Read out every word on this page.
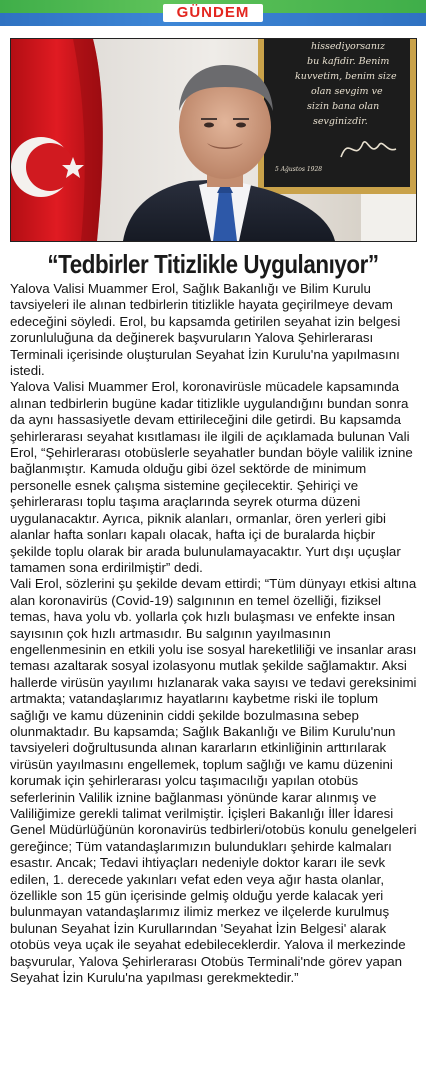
GÜNDEM
hissediyorsanız
bu kafidir. Benim
kuvvetim, benim size
olan sevgim ve
sizin bana olan
sevginizdir.
5 Ağustos 1928
“Tedbirler Titizlikle Uygulanıyor”

Yalova Valisi Muammer Erol, Sağlık Bakanlığı ve Bilim Kurulu tavsiyeleri ile alınan tedbirlerin titizlikle hayata geçirilmeye devam edeceğini söyledi. Erol, bu kapsamda getirilen seyahat izin belgesi zorunluluğuna da değinerek başvuruların Yalova Şehirlerarası Terminali içerisinde oluşturulan Seyahat İzin Kurulu'na yapılmasını istedi.

Yalova Valisi Muammer Erol, koronavirüsle mücadele kapsamında alınan tedbirlerin bugüne kadar titizlikle uygulandığını bundan sonra da aynı hassasiyetle devam ettirileceğini dile getirdi. Bu kapsamda şehirlerarası seyahat kısıtlaması ile ilgili de açıklamada bulunan Vali Erol, “Şehirlerarası otobüslerle seyahatler bundan böyle valilik iznine bağlanmıştır. Kamuda olduğu gibi özel sektörde de minimum personelle esnek çalışma sistemine geçilecektir. Şehiriçi ve şehirlerarası toplu taşıma araçlarında seyrek oturma düzeni uygulanacaktır. Ayrıca, piknik alanları, ormanlar, ören yerleri gibi alanlar hafta sonları kapalı olacak, hafta içi de buralarda hiçbir şekilde toplu olarak bir arada bulunulamayacaktır. Yurt dışı uçuşlar tamamen sona erdirilmiştir” dedi.

Vali Erol, sözlerini şu şekilde devam ettirdi; “Tüm dünyayı etkisi altına alan koronavirüs (Covid-19) salgınının en temel özelliği, fiziksel temas, hava yolu vb. yollarla çok hızlı bulaşması ve enfekte insan sayısının çok hızlı artmasıdır. Bu salgının yayılmasının engellenmesinin en etkili yolu ise sosyal hareketliliği ve insanlar arası teması azaltarak sosyal izolasyonu mutlak şekilde sağlamaktır. Aksi hallerde virüsün yayılımı hızlanarak vaka sayısı ve tedavi gereksinimi artmakta; vatandaşlarımız hayatlarını kaybetme riski ile toplum sağlığı ve kamu düzeninin ciddi şekilde bozulmasına sebep olunmaktadır. Bu kapsamda; Sağlık Bakanlığı ve Bilim Kurulu'nun tavsiyeleri doğrultusunda alınan kararların etkinliğinin arttırılarak virüsün yayılmasını engellemek, toplum sağlığı ve kamu düzenini korumak için şehirlerarası yolcu taşımacılığı yapılan otobüs seferlerinin Valilik iznine bağlanması yönünde karar alınmış ve Valiliğimize gerekli talimat verilmiştir. İçişleri Bakanlığı İller İdaresi Genel Müdürlüğünün koronavirüs tedbirleri/otobüs konulu genelgeleri gereğince; Tüm vatandaşlarımızın bulundukları şehirde kalmaları esastır. Ancak; Tedavi ihtiyaçları nedeniyle doktor kararı ile sevk edilen, 1. derecede yakınları vefat eden veya ağır hasta olanlar, özellikle son 15 gün içerisinde gelmiş olduğu yerde kalacak yeri bulunmayan vatandaşlarımız ilimiz merkez ve ilçelerde kurulmuş bulunan Seyahat İzin Kurullarından 'Seyahat İzin Belgesi' alarak otobüs veya uçak ile seyahat edebileceklerdir. Yalova il merkezinde başvurular, Yalova Şehirlerarası Otobüs Terminali'nde görev yapan Seyahat İzin Kurulu'na yapılması gerekmektedir.”
